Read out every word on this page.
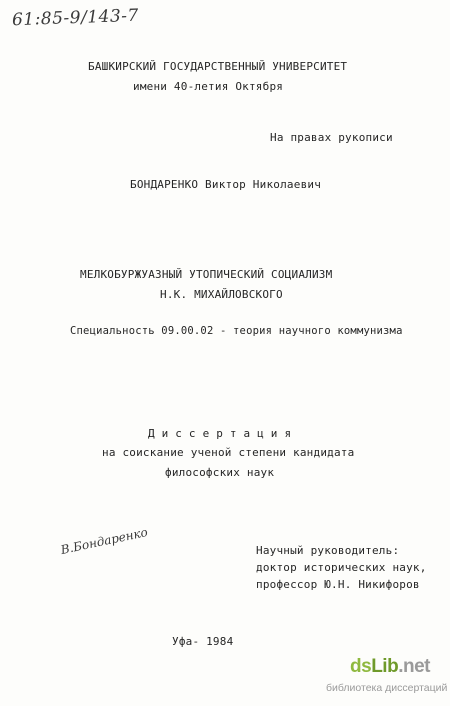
61:85-9/143-7
БАШКИРСКИЙ ГОСУДАРСТВЕННЫЙ УНИВЕРСИТЕТ
имени 40-летия Октября
На правах рукописи
БОНДАРЕНКО Виктор Николаевич
МЕЛКОБУРЖУАЗНЫЙ УТОПИЧЕСКИЙ СОЦИАЛИЗМ
Н.К. МИХАЙЛОВСКОГО
Специальность 09.00.02 - теория научного коммунизма
Д и с с е р т а ц и я
на соискание ученой степени кандидата
философских наук
В.Бондаренко	Научный руководитель:
доктор исторических наук,
профессор Ю.Н. Никифоров
Уфа- 1984
dsLib.net
библиотека диссертаций
